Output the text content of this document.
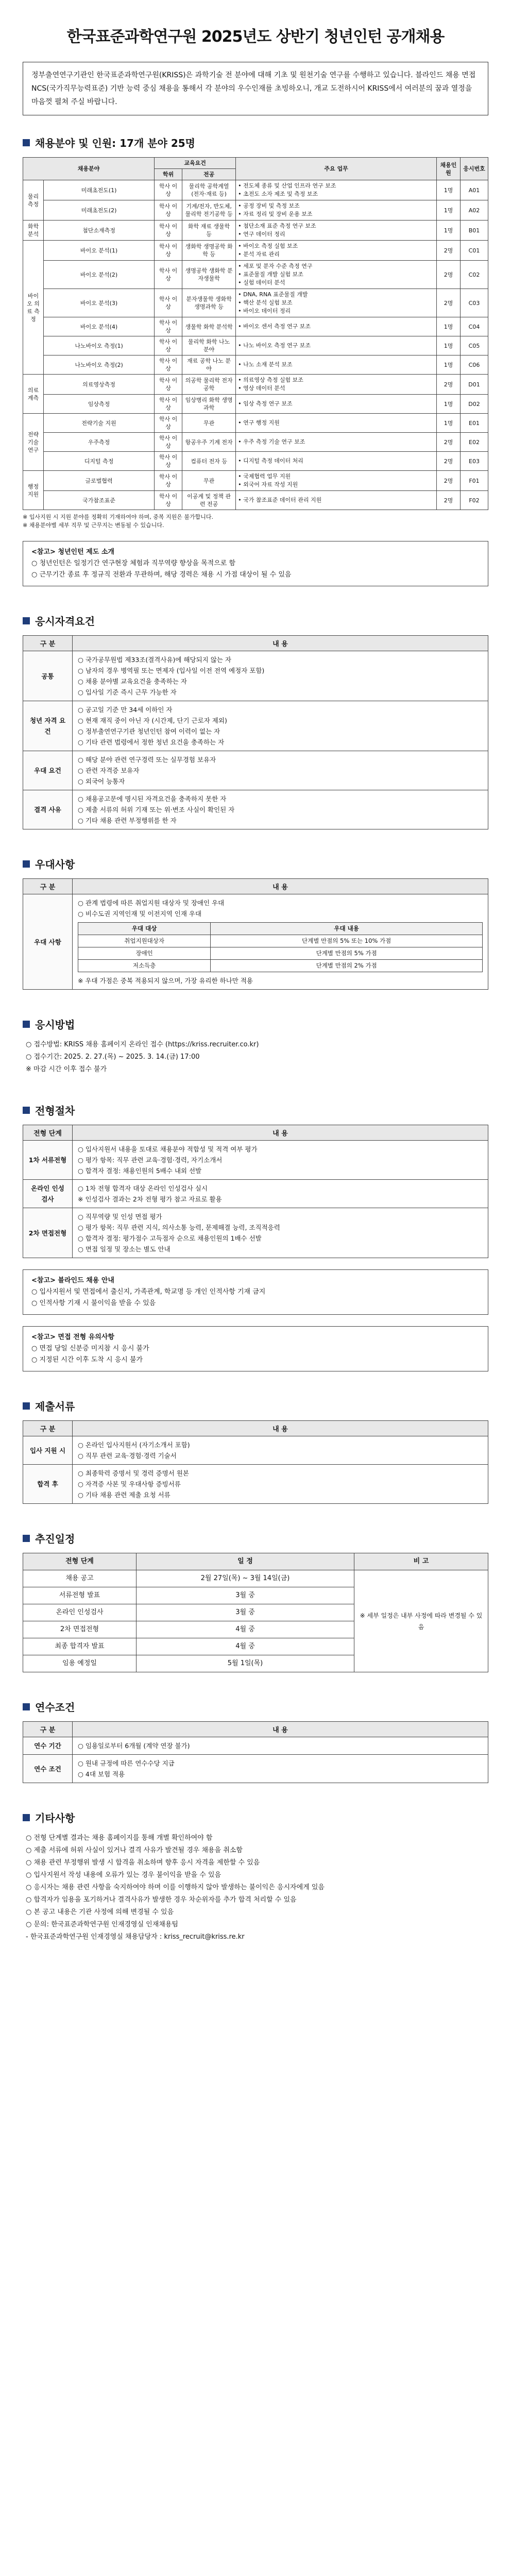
한국표준과학연구원 2025년도 상반기 청년인턴 공개채용
정부출연연구기관인 한국표준과학연구원(KRISS)은 과학기술 전 분야에 대해 기초 및 원천기술 연구를 수행하고 있습니다. 블라인드 채용 면접 NCS(국가직무능력표준) 기반 능력 중심 채용을 통해서 각 분야의 우수인재를 초빙하오니, 개교 도전하시어 KRISS에서 여러분의 꿈과 열정을 마음껏 펼쳐 주실 바랍니다.
채용분야 및 인원: 17개 분야 25명
채용분야		교육요건		주요 업무	채용인원	응시번호
		학위	전공			
물리측정	미래초전도(1)	학사 이상	물리학 공학계열 (전자·재료 등)	• 전도체 종류 및 산업 인프라 연구 보조
• 초전도 소자 제조 및 측정 보조	1명	A01
	미래초전도(2)	학사 이상	기계/전자, 반도체, 물리학 전기공학 등	• 공정 장비 및 측정 보조
• 자료 정리 및 장비 운용 보조	1명	A02
화학 분석	첨단소재측정	학사 이상	화학 재료 생물학 등	• 첨단소재 표준 측정 연구 보조
• 연구 데이터 정리	1명	B01
바이오 의료 측정	바이오 분석(1)	학사 이상	생화학 생명공학 화학 등	• 바이오 측정 실험 보조
• 분석 자료 관리	2명	C01
	바이오 분석(2)	학사 이상	생명공학 생화학 분자생물학	• 세포 및 분자 수준 측정 연구
• 표준물질 개발 실험 보조
• 실험 데이터 분석	2명	C02
	바이오 분석(3)	학사 이상	분자생물학 생화학 생명과학 등	• DNA, RNA 표준물질 개발
• 핵산 분석 실험 보조
• 바이오 데이터 정리	2명	C03
	바이오 분석(4)	학사 이상	생물학 화학 분석학	• 바이오 센서 측정 연구 보조	1명	C04
	나노바이오 측정(1)	학사 이상	물리학 화학 나노 분야	• 나노 바이오 측정 연구 보조	1명	C05
	나노바이오 측정(2)	학사 이상	재료 공학 나노 분야	• 나노 소재 분석 보조	1명	C06
의료 계측	의료영상측정	학사 이상	의공학 물리학 전자공학	• 의료영상 측정 실험 보조
• 영상 데이터 분석	2명	D01
	임상측정	학사 이상	임상병리 화학 생명과학	• 임상 측정 연구 보조	1명	D02
전략기술 연구	전략기술 지원	학사 이상	무관	• 연구 행정 지원	1명	E01
	우주측정	학사 이상	항공우주 기계 전자	• 우주 측정 기술 연구 보조	2명	E02
	디지털 측정	학사 이상	컴퓨터 전자 등	• 디지털 측정 데이터 처리	2명	E03
행정 지원	글로벌협력	학사 이상	무관	• 국제협력 업무 지원
• 외국어 자료 작성 지원	2명	F01
	국가참조표준	학사 이상	이공계 및 정책 관련 전공	• 국가 참조표준 데이터 관리 지원	2명	F02
※ 입사지원 시 지원 분야를 정확히 기재하여야 하며, 중복 지원은 불가합니다.
※ 채용분야별 세부 직무 및 근무지는 변동될 수 있습니다.
<참고> 청년인턴 제도 소개
○ 청년인턴은 일정기간 연구현장 체험과 직무역량 향상을 목적으로 함
○ 근무기간 종료 후 정규직 전환과 무관하며, 해당 경력은 채용 시 가점 대상이 될 수 있음
응시자격요건
구 분	내 용
공통	○ 국가공무원법 제33조(결격사유)에 해당되지 않는 자
○ 남자의 경우 병역필 또는 면제자 (입사일 이전 전역 예정자 포함)
○ 채용 분야별 교육요건을 충족하는 자
○ 입사일 기준 즉시 근무 가능한 자

청년 자격 요건	○ 공고일 기준 만 34세 이하인 자
○ 현재 재직 중이 아닌 자 (시간제, 단기 근로자 제외)
○ 정부출연연구기관 청년인턴 참여 이력이 없는 자
○ 기타 관련 법령에서 정한 청년 요건을 충족하는 자

우대 요건	○ 해당 분야 관련 연구경력 또는 실무경험 보유자
○ 관련 자격증 보유자
○ 외국어 능통자

결격 사유	○ 채용공고문에 명시된 자격요건을 충족하지 못한 자
○ 제출 서류의 허위 기재 또는 위·변조 사실이 확인된 자
○ 기타 채용 관련 부정행위를 한 자
우대사항
구 분	내 용
우대 사항	
○ 관계 법령에 따른 취업지원 대상자 및 장애인 우대
○ 비수도권 지역인재 및 이전지역 인재 우대
우대 대상	우대 내용
취업지원대상자	단계별 만점의 5% 또는 10% 가점
장애인	단계별 만점의 5% 가점
저소득층	단계별 만점의 2% 가점
※ 우대 가점은 중복 적용되지 않으며, 가장 유리한 하나만 적용
응시방법
○ 접수방법: KRISS 채용 홈페이지 온라인 접수 (https://kriss.recruiter.co.kr)
○ 접수기간: 2025. 2. 27.(목) ~ 2025. 3. 14.(금) 17:00
※ 마감 시간 이후 접수 불가
전형절차
전형 단계	내 용
1차 서류전형	○ 입사지원서 내용을 토대로 채용분야 적합성 및 적격 여부 평가
○ 평가 항목: 직무 관련 교육·경험·경력, 자기소개서
○ 합격자 결정: 채용인원의 5배수 내외 선발

온라인 인성검사	○ 1차 전형 합격자 대상 온라인 인성검사 실시
※ 인성검사 결과는 2차 전형 평가 참고 자료로 활용

2차 면접전형	○ 직무역량 및 인성 면접 평가
○ 평가 항목: 직무 관련 지식, 의사소통 능력, 문제해결 능력, 조직적응력
○ 합격자 결정: 평가점수 고득점자 순으로 채용인원의 1배수 선발
○ 면접 일정 및 장소는 별도 안내
<참고> 블라인드 채용 안내
○ 입사지원서 및 면접에서 출신지, 가족관계, 학교명 등 개인 인적사항 기재 금지
○ 인적사항 기재 시 불이익을 받을 수 있음
<참고> 면접 전형 유의사항
○ 면접 당일 신분증 미지참 시 응시 불가
○ 지정된 시간 이후 도착 시 응시 불가
제출서류
구 분	내 용
입사 지원 시	○ 온라인 입사지원서 (자기소개서 포함)
○ 직무 관련 교육·경험·경력 기술서

합격 후	○ 최종학력 증명서 및 경력 증명서 원본
○ 자격증 사본 및 우대사항 증빙서류
○ 기타 채용 관련 제출 요청 서류
추진일정
전형 단계	일 정	비 고
채용 공고	2월 27일(목) ~ 3월 14일(금)	※ 세부 일정은 내부 사정에 따라 변경될 수 있음
서류전형 발표	3월 중	
온라인 인성검사	3월 중	
2차 면접전형	4월 중	
최종 합격자 발표	4월 중	
임용 예정일	5월 1일(목)	
연수조건
구 분	내 용
연수 기간	○ 임용일로부터 6개월 (계약 연장 불가)

연수 조건	○ 원내 규정에 따른 연수수당 지급
○ 4대 보험 적용
기타사항
○ 전형 단계별 결과는 채용 홈페이지를 통해 개별 확인하여야 함
○ 제출 서류에 허위 사실이 있거나 결격 사유가 발견될 경우 채용을 취소함
○ 채용 관련 부정행위 발생 시 합격을 취소하며 향후 응시 자격을 제한할 수 있음
○ 입사지원서 작성 내용에 오류가 있는 경우 불이익을 받을 수 있음
○ 응시자는 채용 관련 사항을 숙지하여야 하며 이를 이행하지 않아 발생하는 불이익은 응시자에게 있음
○ 합격자가 임용을 포기하거나 결격사유가 발생한 경우 차순위자를 추가 합격 처리할 수 있음
○ 본 공고 내용은 기관 사정에 의해 변경될 수 있음
○ 문의: 한국표준과학연구원 인재경영실 인재채용팀
- 한국표준과학연구원 인재경영실 채용담당자 : kriss_recruit@kriss.re.kr
